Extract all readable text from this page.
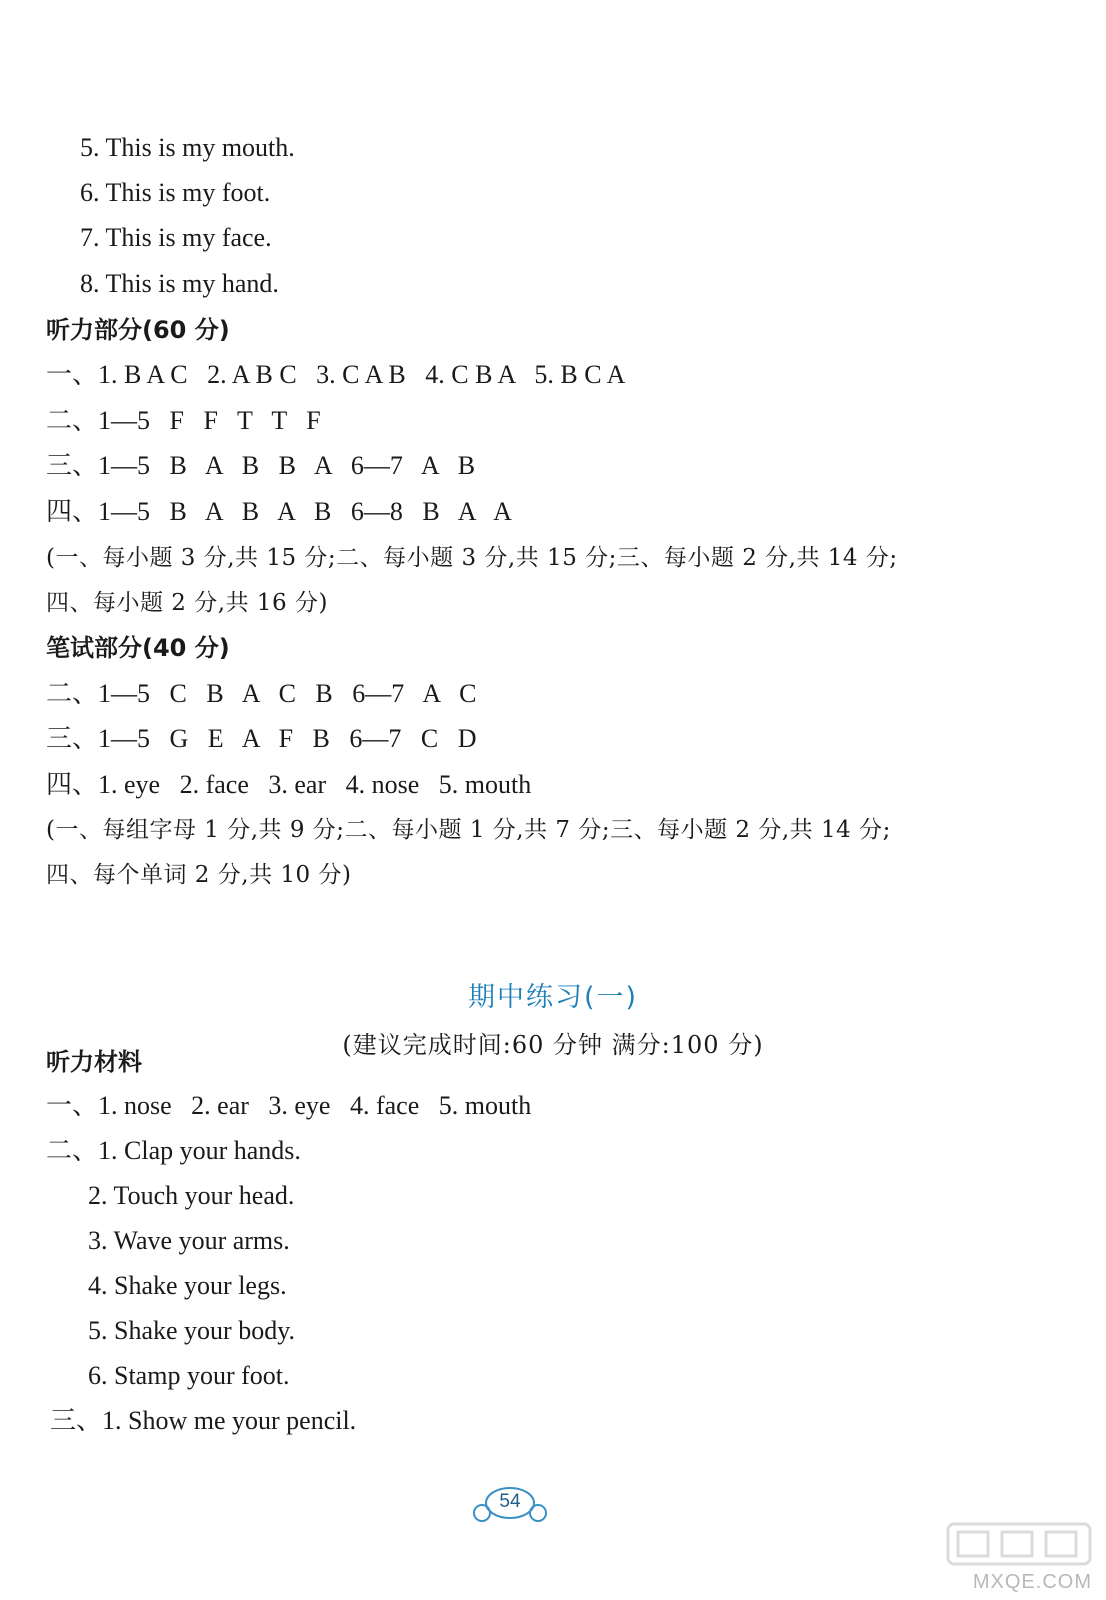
5. This is my mouth.
6. This is my foot.
7. This is my face.
8. This is my hand.
听力部分(60 分)
一、1. B A C   2. A B C   3. C A B   4. C B A   5. B C A
二、1—5   F   F   T   T   F
三、1—5   B   A   B   B   A   6—7   A   B
四、1—5   B   A   B   A   B   6—8   B   A   A
(一、每小题 3 分,共 15 分;二、每小题 3 分,共 15 分;三、每小题 2 分,共 14 分;
四、每小题 2 分,共 16 分)
笔试部分(40 分)
二、1—5   C   B   A   C   B   6—7   A   C
三、1—5   G   E   A   F   B   6—7   C   D
四、1. eye   2. face   3. ear   4. nose   5. mouth
(一、每组字母 1 分,共 9 分;二、每小题 1 分,共 7 分;三、每小题 2 分,共 14 分;
四、每个单词 2 分,共 10 分)
期中练习(一)
(建议完成时间:60 分钟 满分:100 分)
听力材料
一、1. nose   2. ear   3. eye   4. face   5. mouth
二、1. Clap your hands.
2. Touch your head.
3. Wave your arms.
4. Shake your legs.
5. Shake your body.
6. Stamp your foot.
三、1. Show me your pencil.
54
MXQE.COM
